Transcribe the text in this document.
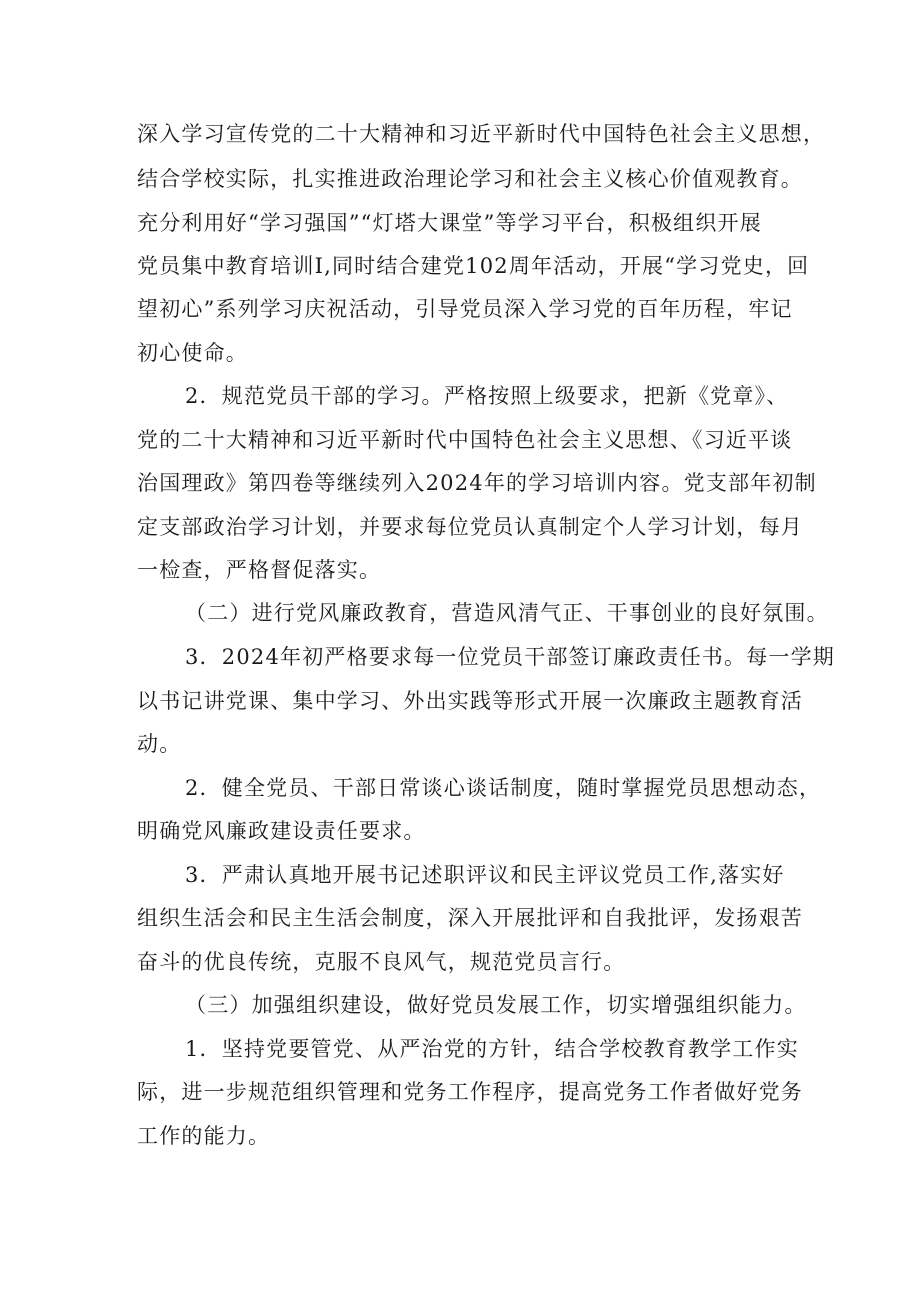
深入学习宣传党的二十大精神和习近平新时代中国特色社会主义思想，
结合学校实际，扎实推进政治理论学习和社会主义核心价值观教育。
充分利用好“学习强国”“灯塔大课堂”等学习平台，积极组织开展
党员集中教育培训I,同时结合建党102周年活动，开展“学习党史，回
望初心”系列学习庆祝活动，引导党员深入学习党的百年历程，牢记
初心使命。
2．规范党员干部的学习。严格按照上级要求，把新《党章》、
党的二十大精神和习近平新时代中国特色社会主义思想、《习近平谈
治国理政》第四卷等继续列入2024年的学习培训内容。党支部年初制
定支部政治学习计划，并要求每位党员认真制定个人学习计划，每月
一检查，严格督促落实。
（二）进行党风廉政教育，营造风清气正、干事创业的良好氛围。
3．2024年初严格要求每一位党员干部签订廉政责任书。每一学期
以书记讲党课、集中学习、外出实践等形式开展一次廉政主题教育活
动。
2．健全党员、干部日常谈心谈话制度，随时掌握党员思想动态，
明确党风廉政建设责任要求。
3．严肃认真地开展书记述职评议和民主评议党员工作,落实好
组织生活会和民主生活会制度，深入开展批评和自我批评，发扬艰苦
奋斗的优良传统，克服不良风气，规范党员言行。
（三）加强组织建设，做好党员发展工作，切实增强组织能力。
1．坚持党要管党、从严治党的方针，结合学校教育教学工作实
际，进一步规范组织管理和党务工作程序，提高党务工作者做好党务
工作的能力。
